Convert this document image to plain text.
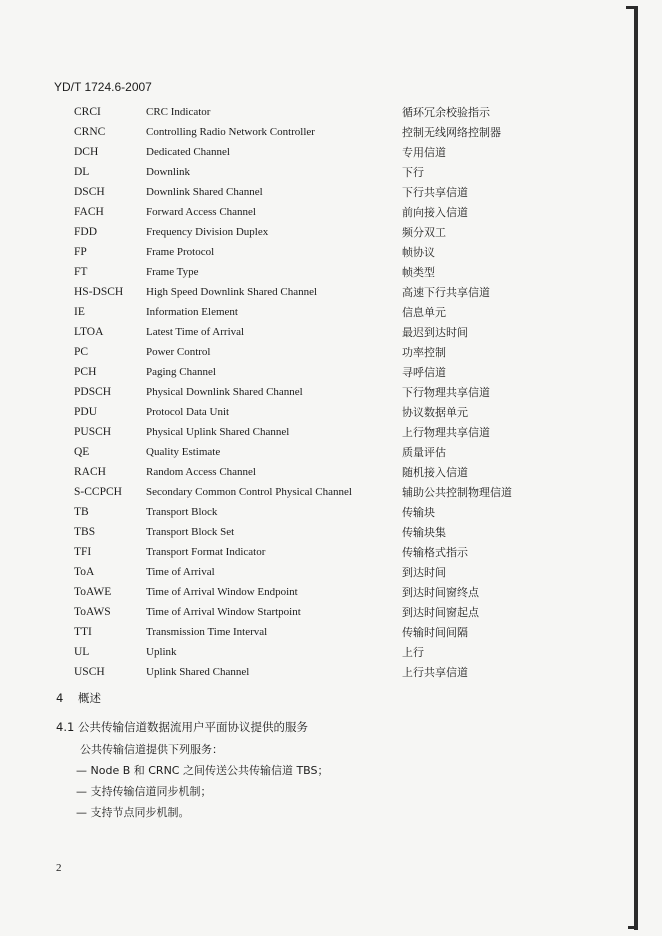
YD/T 1724.6-2007
CRCI	CRC Indicator	循环冗余校验指示
CRNC	Controlling Radio Network Controller	控制无线网络控制器
DCH	Dedicated Channel	专用信道
DL	Downlink	下行
DSCH	Downlink Shared Channel	下行共享信道
FACH	Forward Access Channel	前向接入信道
FDD	Frequency Division Duplex	频分双工
FP	Frame Protocol	帧协议
FT	Frame Type	帧类型
HS-DSCH	High Speed Downlink Shared Channel	高速下行共享信道
IE	Information Element	信息单元
LTOA	Latest Time of Arrival	最迟到达时间
PC	Power Control	功率控制
PCH	Paging Channel	寻呼信道
PDSCH	Physical Downlink Shared Channel	下行物理共享信道
PDU	Protocol Data Unit	协议数据单元
PUSCH	Physical Uplink Shared Channel	上行物理共享信道
QE	Quality Estimate	质量评估
RACH	Random Access Channel	随机接入信道
S-CCPCH	Secondary Common Control Physical Channel	辅助公共控制物理信道
TB	Transport Block	传输块
TBS	Transport Block Set	传输块集
TFI	Transport Format Indicator	传输格式指示
ToA	Time of Arrival	到达时间
ToAWE	Time of Arrival Window Endpoint	到达时间窗终点
ToAWS	Time of Arrival Window Startpoint	到达时间窗起点
TTI	Transmission Time Interval	传输时间间隔
UL	Uplink	上行
USCH	Uplink Shared Channel	上行共享信道
4 概述
4.1 公共传输信道数据流用户平面协议提供的服务
公共传输信道提供下列服务：
— Node B 和 CRNC 之间传送公共传输信道 TBS；
— 支持传输信道同步机制；
— 支持节点同步机制。
2
